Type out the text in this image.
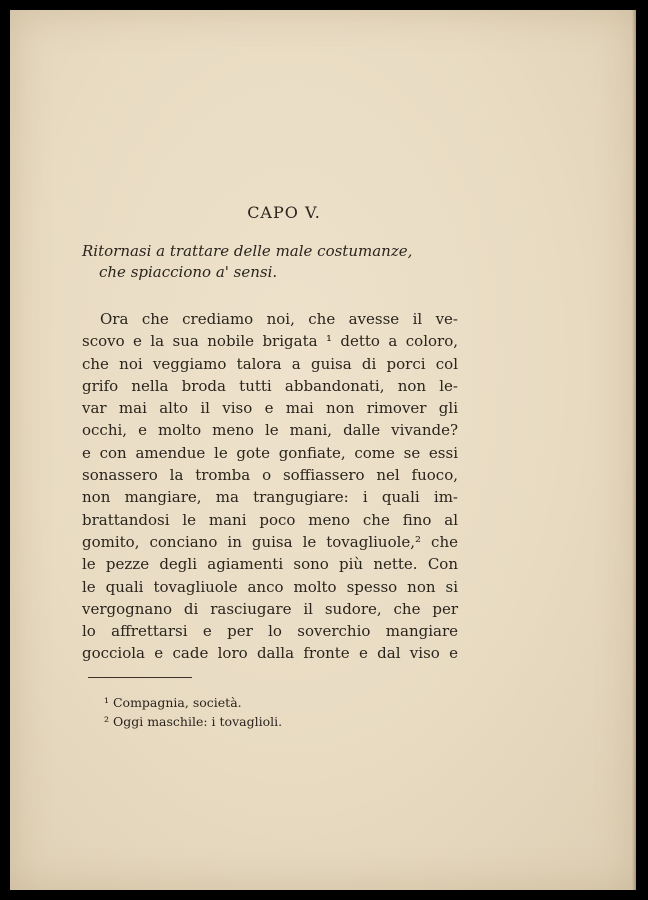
CAPO V.
Ritornasi a trattare delle male costumanze,
che spiacciono a' sensi.
Ora che crediamo noi, che avesse il ve-
scovo e la sua nobile brigata ¹ detto a coloro,
che noi veggiamo talora a guisa di porci col
grifo nella broda tutti abbandonati, non le-
var mai alto il viso e mai non rimover gli
occhi, e molto meno le mani, dalle vivande?
e con amendue le gote gonfiate, come se essi
sonassero la tromba o soffiassero nel fuoco,
non mangiare, ma trangugiare: i quali im-
brattandosi le mani poco meno che fino al
gomito, conciano in guisa le tovagliuole,² che
le pezze degli agiamenti sono più nette. Con
le quali tovagliuole anco molto spesso non si
vergognano di rasciugare il sudore, che per
lo affrettarsi e per lo soverchio mangiare
gocciola e cade loro dalla fronte e dal viso e
¹ Compagnia, società.
² Oggi maschile: i tovaglioli.
